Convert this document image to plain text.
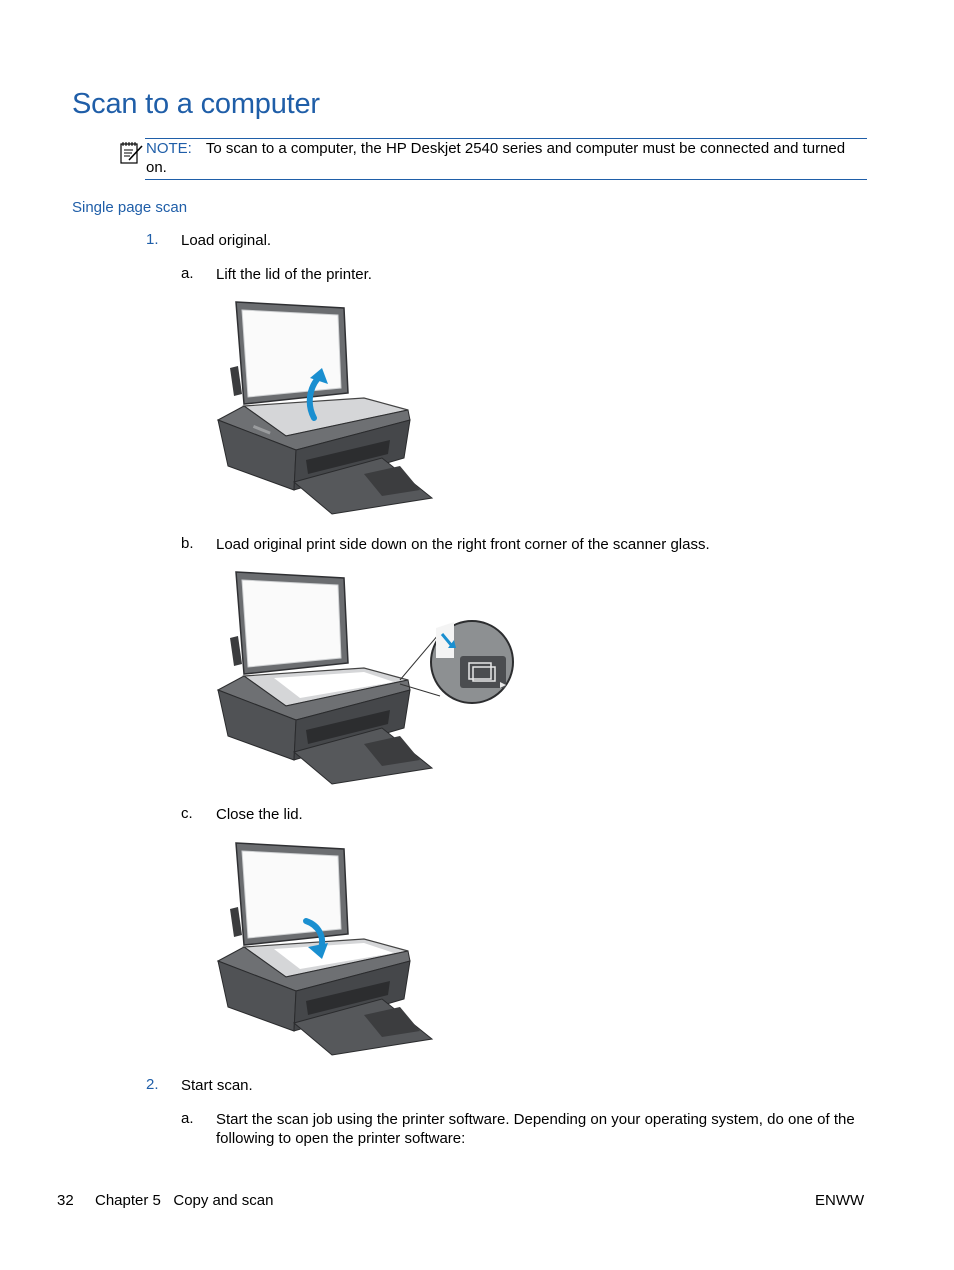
Scan to a computer
NOTE: To scan to a computer, the HP Deskjet 2540 series and computer must be connected and turned on.
Single page scan
1. Load original.
a. Lift the lid of the printer.
b. Load original print side down on the right front corner of the scanner glass.
c. Close the lid.
2. Start scan.
a. Start the scan job using the printer software. Depending on your operating system, do one of the following to open the printer software:
32 Chapter 5   Copy and scan	ENWW
